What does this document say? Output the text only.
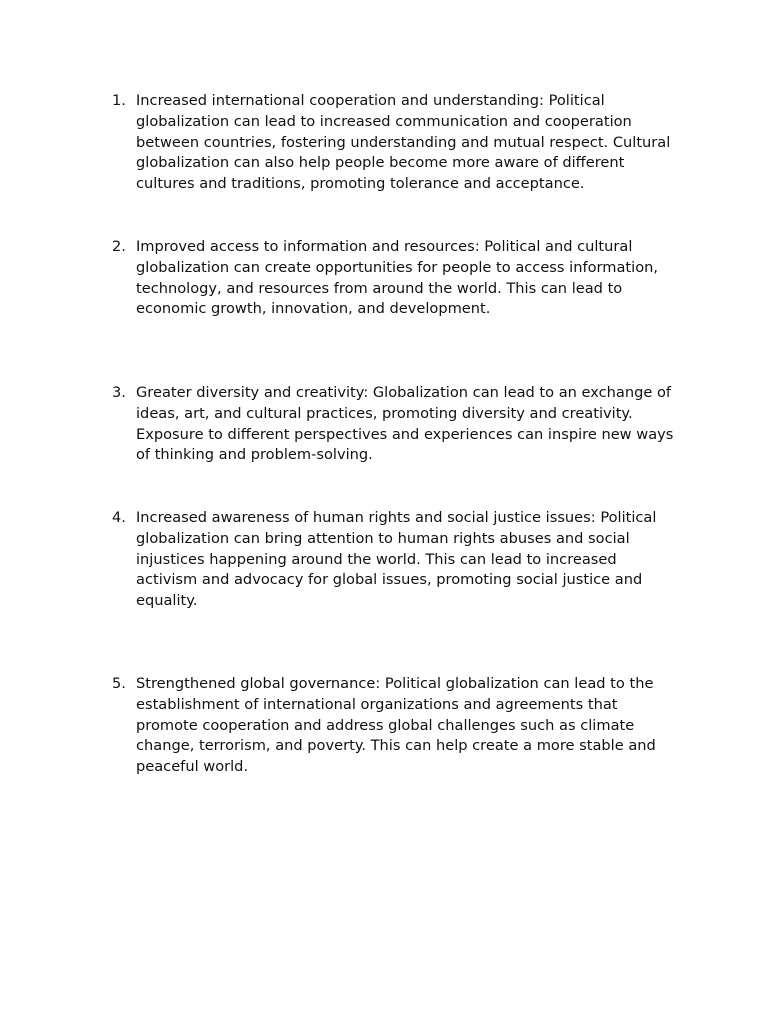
1. Increased international cooperation and understanding: Political globalization can lead to increased communication and cooperation between countries, fostering understanding and mutual respect. Cultural globalization can also help people become more aware of different cultures and traditions, promoting tolerance and acceptance.
2. Improved access to information and resources: Political and cultural globalization can create opportunities for people to access information, technology, and resources from around the world. This can lead to economic growth, innovation, and development.
3. Greater diversity and creativity: Globalization can lead to an exchange of ideas, art, and cultural practices, promoting diversity and creativity. Exposure to different perspectives and experiences can inspire new ways of thinking and problem-solving.
4. Increased awareness of human rights and social justice issues: Political globalization can bring attention to human rights abuses and social injustices happening around the world. This can lead to increased activism and advocacy for global issues, promoting social justice and equality.
5. Strengthened global governance: Political globalization can lead to the establishment of international organizations and agreements that promote cooperation and address global challenges such as climate change, terrorism, and poverty. This can help create a more stable and peaceful world.
